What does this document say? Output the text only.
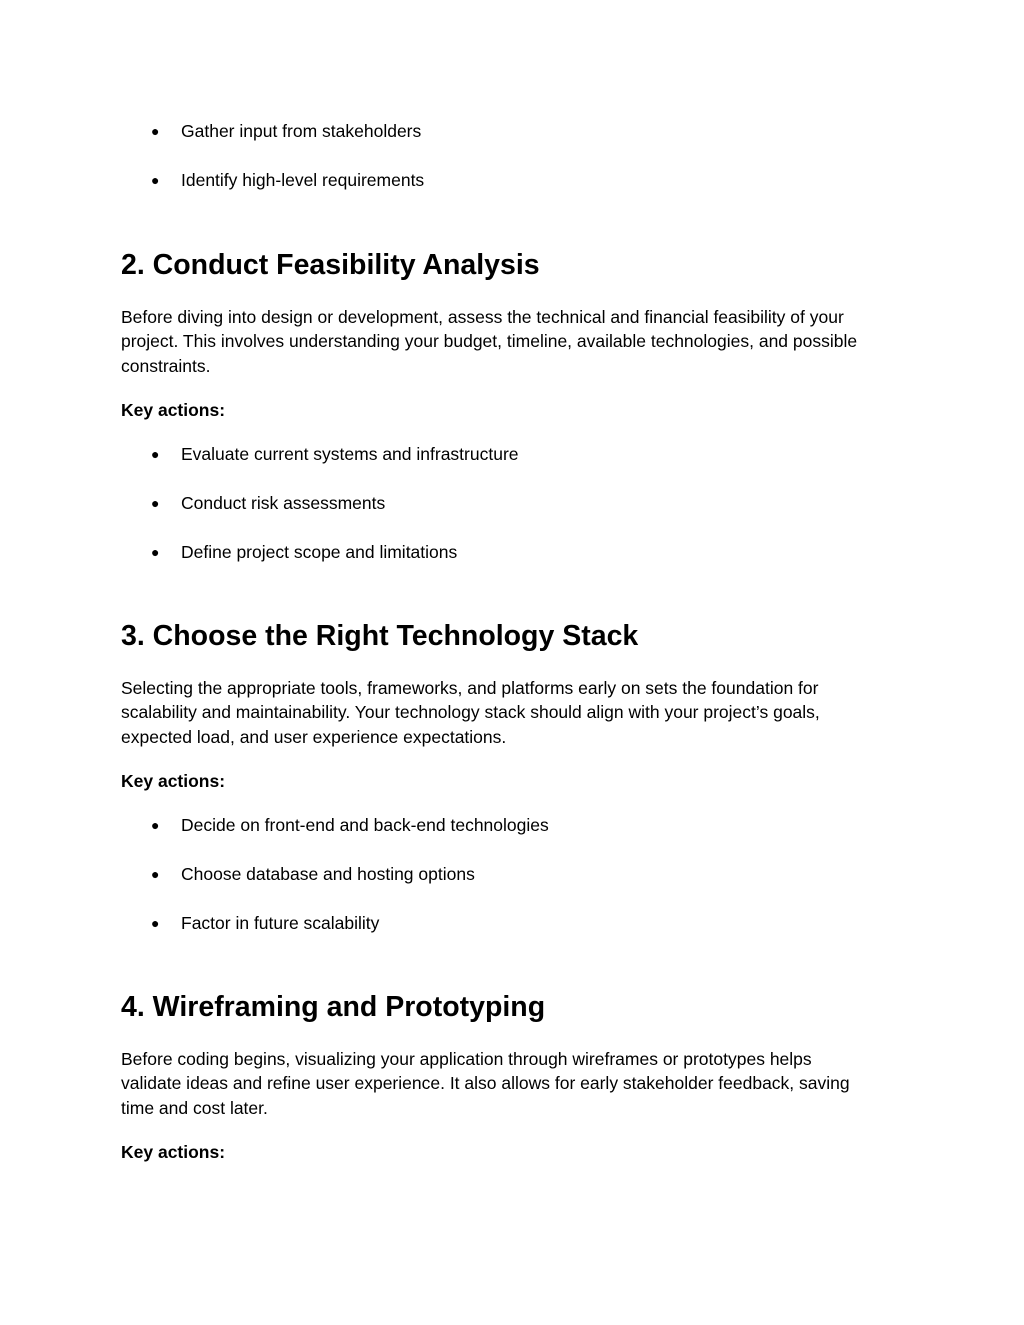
● Gather input from stakeholders
● Identify high-level requirements
2. Conduct Feasibility Analysis

Before diving into design or development, assess the technical and financial feasibility of your
project. This involves understanding your budget, timeline, available technologies, and possible
constraints.

Key actions:

● Evaluate current systems and infrastructure
● Conduct risk assessments
● Define project scope and limitations
3. Choose the Right Technology Stack

Selecting the appropriate tools, frameworks, and platforms early on sets the foundation for
scalability and maintainability. Your technology stack should align with your project’s goals,
expected load, and user experience expectations.

Key actions:

● Decide on front-end and back-end technologies
● Choose database and hosting options
● Factor in future scalability
4. Wireframing and Prototyping

Before coding begins, visualizing your application through wireframes or prototypes helps
validate ideas and refine user experience. It also allows for early stakeholder feedback, saving
time and cost later.

Key actions:
